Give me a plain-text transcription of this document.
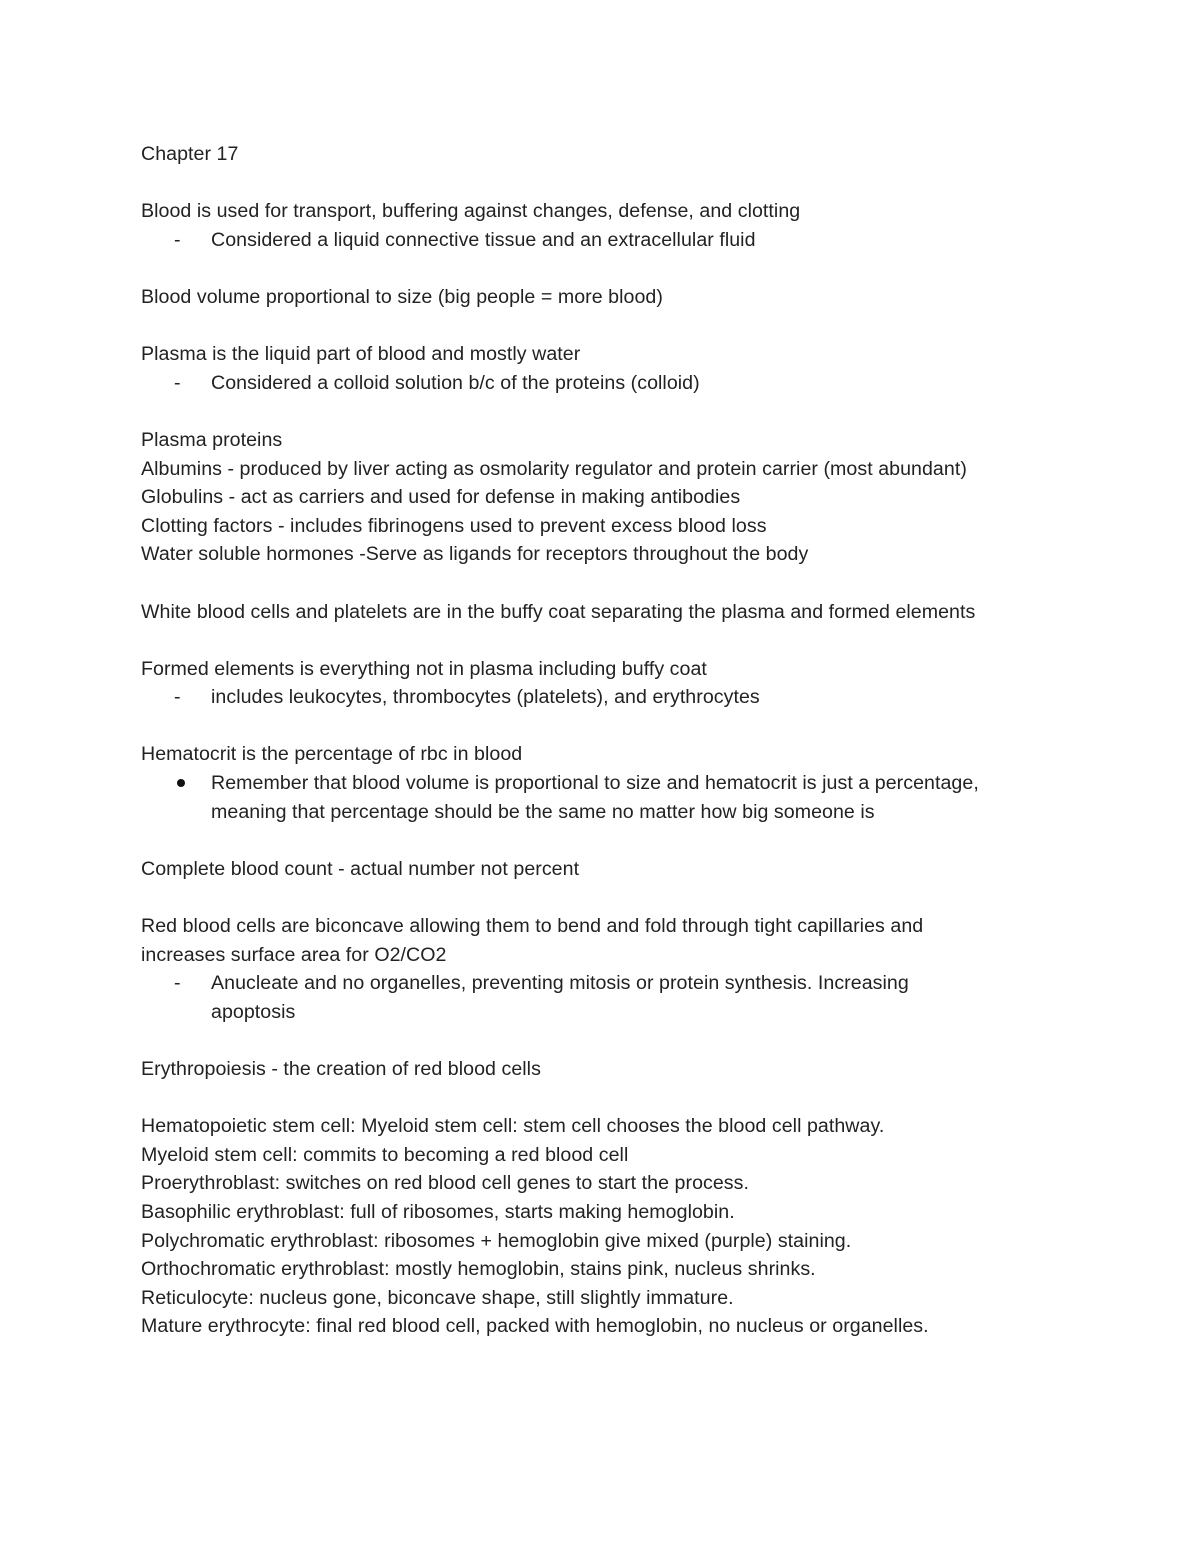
Chapter 17
Blood is used for transport, buffering against changes, defense, and clotting
-	Considered a liquid connective tissue and an extracellular fluid
Blood volume proportional to size (big people = more blood)
Plasma is the liquid part of blood and mostly water
-	Considered a colloid solution b/c of the proteins (colloid)
Plasma proteins
Albumins - produced by liver acting as osmolarity regulator and protein carrier (most abundant)
Globulins - act as carriers and used for defense in making antibodies
Clotting factors - includes fibrinogens used to prevent excess blood loss
Water soluble hormones -Serve as ligands for receptors throughout the body
White blood cells and platelets are in the buffy coat separating the plasma and formed elements
Formed elements is everything not in plasma including buffy coat
-	includes leukocytes, thrombocytes (platelets), and erythrocytes
Hematocrit is the percentage of rbc in blood
Remember that blood volume is proportional to size and hematocrit is just a percentage,
meaning that percentage should be the same no matter how big someone is
Complete blood count - actual number not percent
Red blood cells are biconcave allowing them to bend and fold through tight capillaries and
increases surface area for O2/CO2
-	Anucleate and no organelles, preventing mitosis or protein synthesis. Increasing
apoptosis
Erythropoiesis - the creation of red blood cells
Hematopoietic stem cell: Myeloid stem cell: stem cell chooses the blood cell pathway.
Myeloid stem cell: commits to becoming a red blood cell
Proerythroblast: switches on red blood cell genes to start the process.
Basophilic erythroblast: full of ribosomes, starts making hemoglobin.
Polychromatic erythroblast: ribosomes + hemoglobin give mixed (purple) staining.
Orthochromatic erythroblast: mostly hemoglobin, stains pink, nucleus shrinks.
Reticulocyte: nucleus gone, biconcave shape, still slightly immature.
Mature erythrocyte: final red blood cell, packed with hemoglobin, no nucleus or organelles.
